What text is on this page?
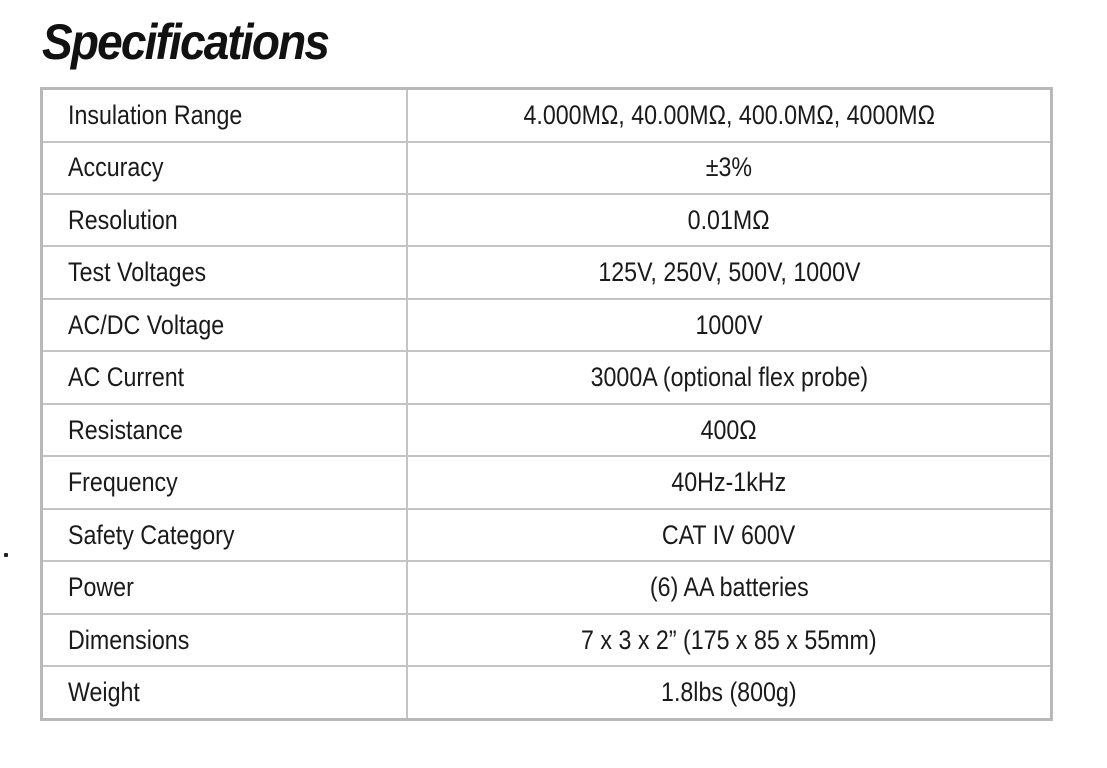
Specifications
Insulation Range	4.000MΩ, 40.00MΩ, 400.0MΩ, 4000MΩ
Accuracy	±3%
Resolution	0.01MΩ
Test Voltages	125V, 250V, 500V, 1000V
AC/DC Voltage	1000V
AC Current	3000A (optional flex probe)
Resistance	400Ω
Frequency	40Hz-1kHz
Safety Category	CAT IV 600V
Power	(6) AA batteries
Dimensions	7 x 3 x 2” (175 x 85 x 55mm)
Weight	1.8lbs (800g)
